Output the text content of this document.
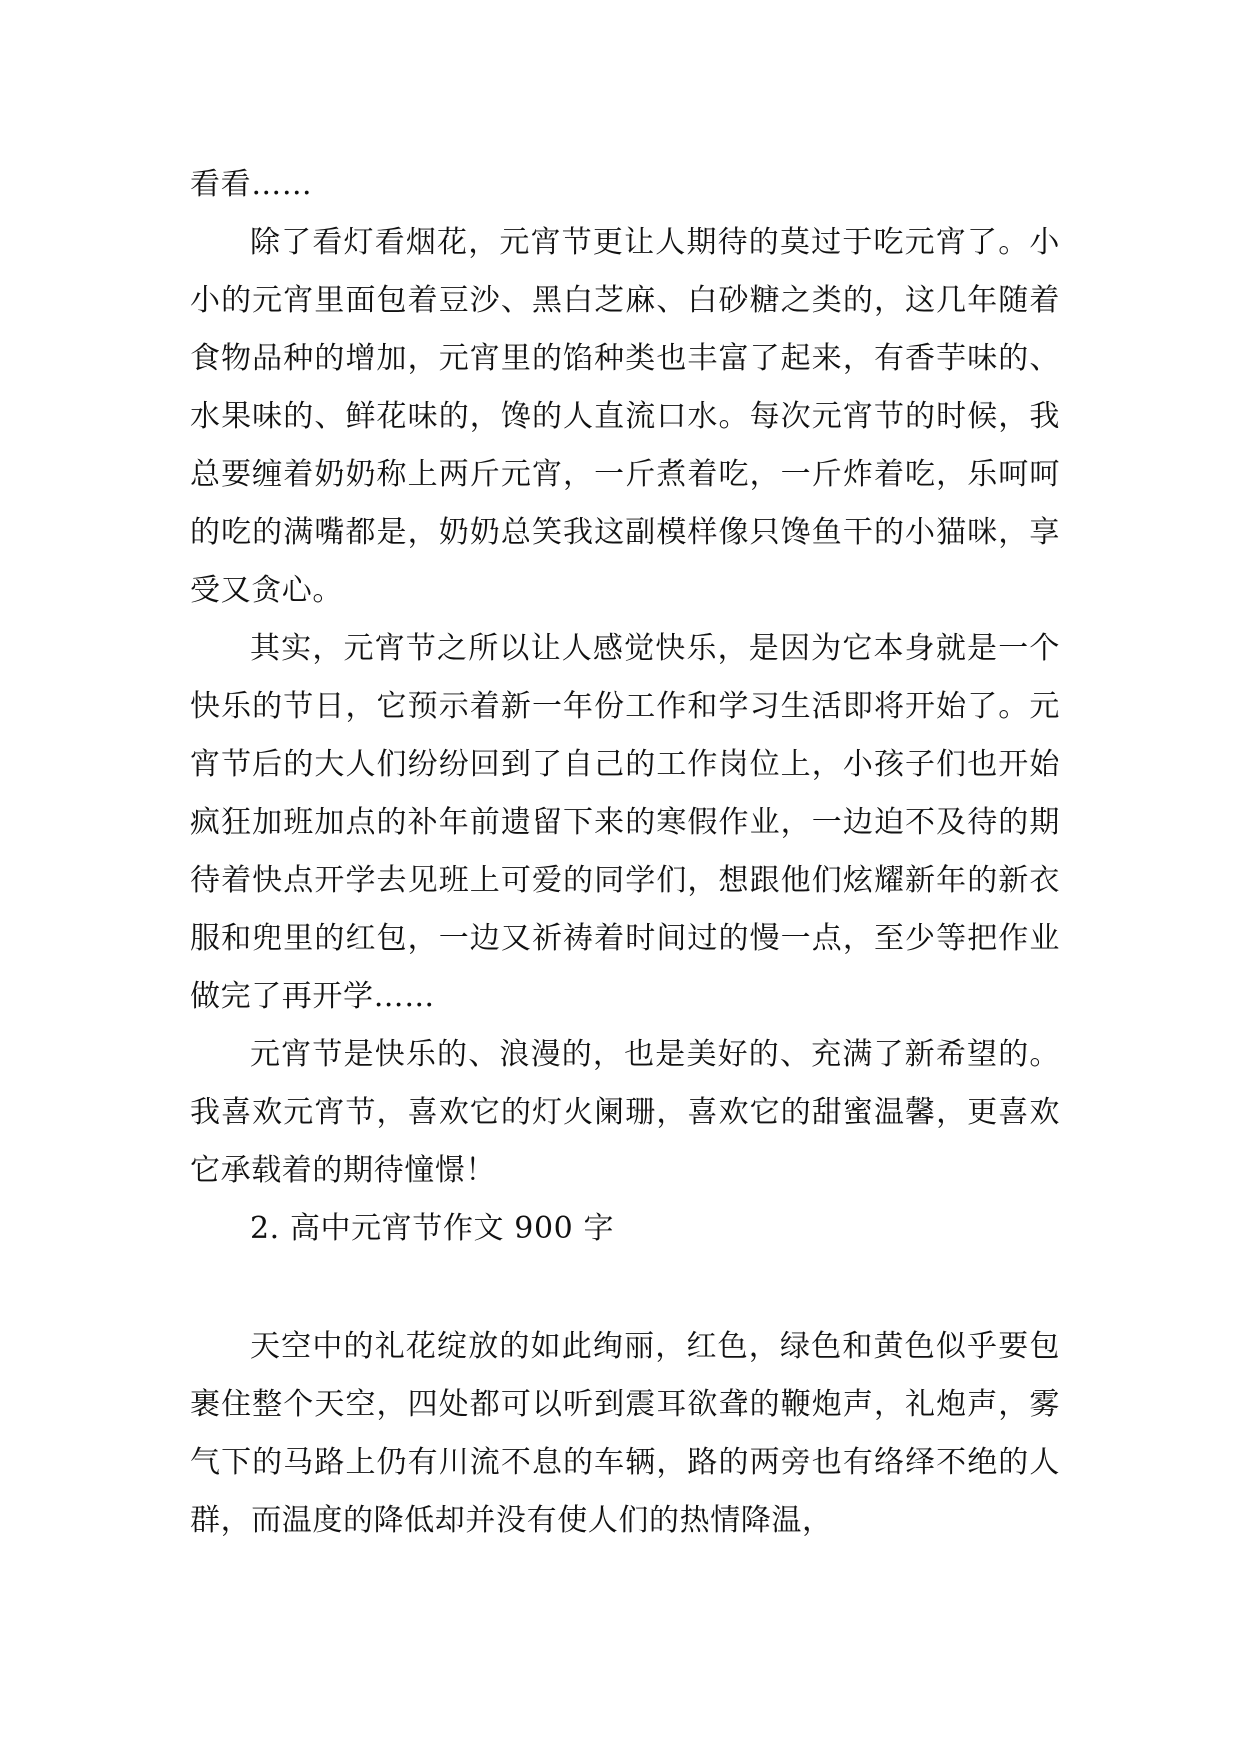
看看……

除了看灯看烟花，元宵节更让人期待的莫过于吃元宵了。小小的元宵里面包着豆沙、黑白芝麻、白砂糖之类的，这几年随着食物品种的增加，元宵里的馅种类也丰富了起来，有香芋味的、水果味的、鲜花味的，馋的人直流口水。每次元宵节的时候，我总要缠着奶奶称上两斤元宵，一斤煮着吃，一斤炸着吃，乐呵呵的吃的满嘴都是，奶奶总笑我这副模样像只馋鱼干的小猫咪，享受又贪心。

其实，元宵节之所以让人感觉快乐，是因为它本身就是一个快乐的节日，它预示着新一年份工作和学习生活即将开始了。元宵节后的大人们纷纷回到了自己的工作岗位上，小孩子们也开始疯狂加班加点的补年前遗留下来的寒假作业，一边迫不及待的期待着快点开学去见班上可爱的同学们，想跟他们炫耀新年的新衣服和兜里的红包，一边又祈祷着时间过的慢一点，至少等把作业做完了再开学……

元宵节是快乐的、浪漫的，也是美好的、充满了新希望的。我喜欢元宵节，喜欢它的灯火阑珊，喜欢它的甜蜜温馨，更喜欢它承载着的期待憧憬！

2. 高中元宵节作文 900 字

天空中的礼花绽放的如此绚丽，红色，绿色和黄色似乎要包裹住整个天空，四处都可以听到震耳欲聋的鞭炮声，礼炮声，雾气下的马路上仍有川流不息的车辆，路的两旁也有络绎不绝的人群，而温度的降低却并没有使人们的热情降温，
